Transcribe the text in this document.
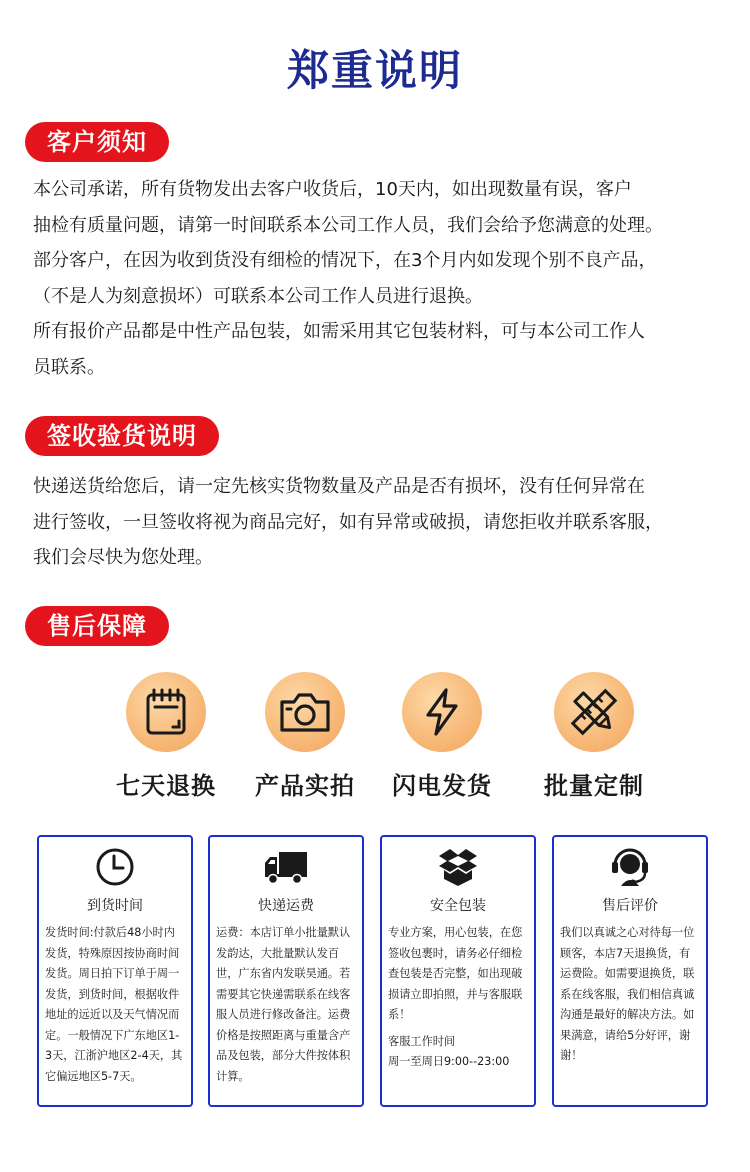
郑重说明
客户须知

本公司承诺，所有货物发出去客户收货后，10天内，如出现数量有误，客户

抽检有质量问题，请第一时间联系本公司工作人员，我们会给予您满意的处理。

部分客户，在因为收到货没有细检的情况下，在3个月内如发现个别不良产品，

（不是人为刻意损坏）可联系本公司工作人员进行退换。

所有报价产品都是中性产品包装，如需采用其它包装材料，可与本公司工作人

员联系。

签收验货说明

快递送货给您后，请一定先核实货物数量及产品是否有损坏，没有任何异常在

进行签收，一旦签收将视为商品完好，如有异常或破损，请您拒收并联系客服，

我们会尽快为您处理。

售后保障
七天退换	产品实拍	闪电发货	批量定制
到货时间
发货时间:付款后48小时内发货，特殊原因按协商时间发货。周日拍下订单于周一发货，到货时间，根据收件地址的远近以及天气情况而定。一般情况下广东地区1-3天，江浙沪地区2-4天，其它偏远地区5-7天。
快递运费
运费：本店订单小批量默认发韵达，大批量默认发百世，广东省内发联昊通。若需要其它快递需联系在线客服人员进行修改备注。运费价格是按照距离与重量含产品及包装，部分大件按体积计算。
安全包装
专业方案，用心包装，在您签收包裹时，请务必仔细检查包装是否完整，如出现破损请立即拍照，并与客服联系！
客服工作时间
周一至周日9:00--23:00
售后评价
我们以真诚之心对待每一位顾客，本店7天退换货，有运费险。如需要退换货，联系在线客服，我们相信真诚沟通是最好的解决方法。如果满意，请给5分好评，谢谢！
